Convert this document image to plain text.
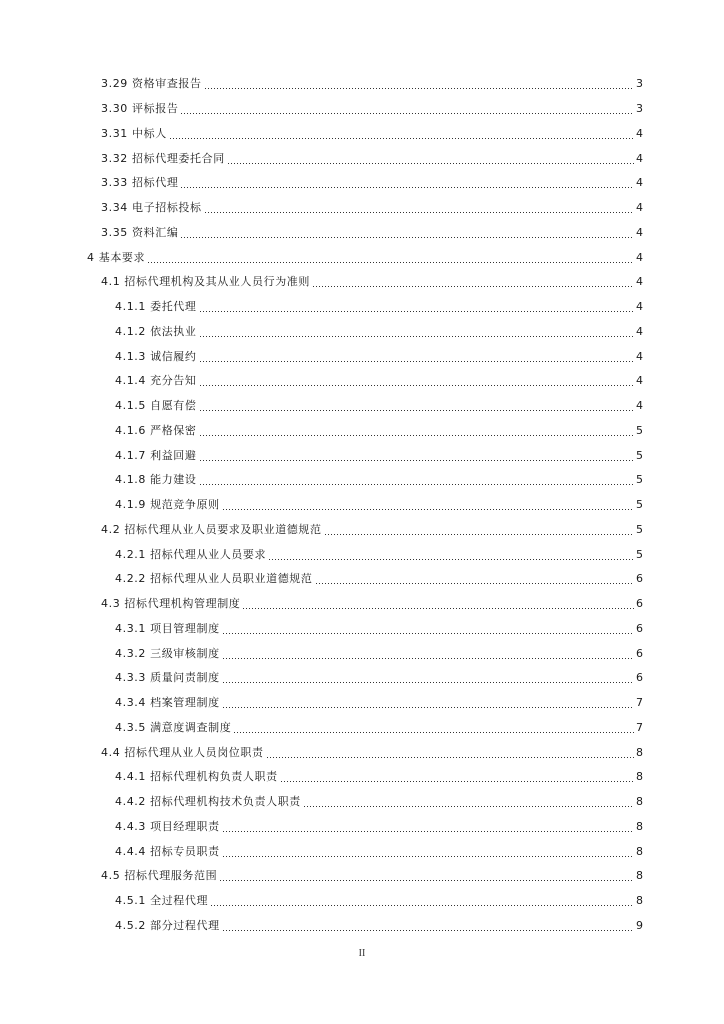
3.29 资格审查报告	3
3.30 评标报告	3
3.31 中标人	4
3.32 招标代理委托合同	4
3.33 招标代理	4
3.34 电子招标投标	4
3.35 资料汇编	4
4 基本要求	4
4.1 招标代理机构及其从业人员行为准则	4
4.1.1 委托代理	4
4.1.2 依法执业	4
4.1.3 诚信履约	4
4.1.4 充分告知	4
4.1.5 自愿有偿	4
4.1.6 严格保密	5
4.1.7 利益回避	5
4.1.8 能力建设	5
4.1.9 规范竞争原则	5
4.2 招标代理从业人员要求及职业道德规范	5
4.2.1 招标代理从业人员要求	5
4.2.2 招标代理从业人员职业道德规范	6
4.3 招标代理机构管理制度	6
4.3.1 项目管理制度	6
4.3.2 三级审核制度	6
4.3.3 质量问责制度	6
4.3.4 档案管理制度	7
4.3.5 满意度调查制度	7
4.4 招标代理从业人员岗位职责	8
4.4.1 招标代理机构负责人职责	8
4.4.2 招标代理机构技术负责人职责	8
4.4.3 项目经理职责	8
4.4.4 招标专员职责	8
4.5 招标代理服务范围	8
4.5.1 全过程代理	8
4.5.2 部分过程代理	9
II
